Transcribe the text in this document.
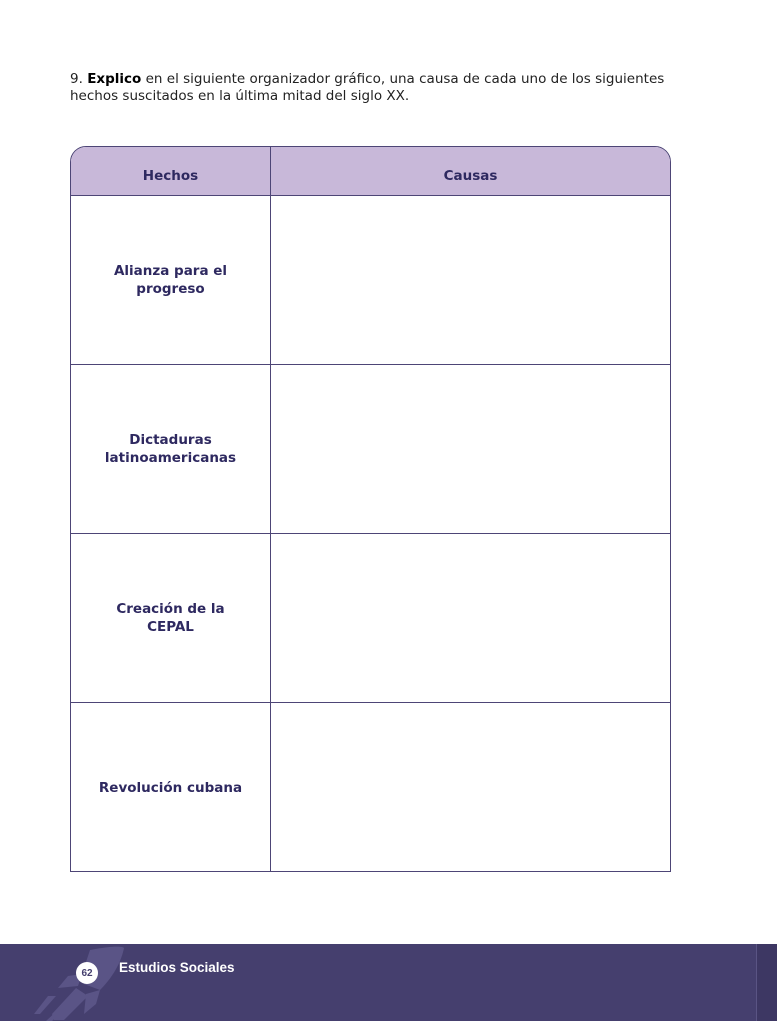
9. Explico en el siguiente organizador gráfico, una causa de cada uno de los siguientes hechos suscitados en la última mitad del siglo XX.
Hechos	Causas
Alianza para el progreso
Dictaduras latinoamericanas
Creación de la CEPAL
Revolución cubana
62	Estudios Sociales
